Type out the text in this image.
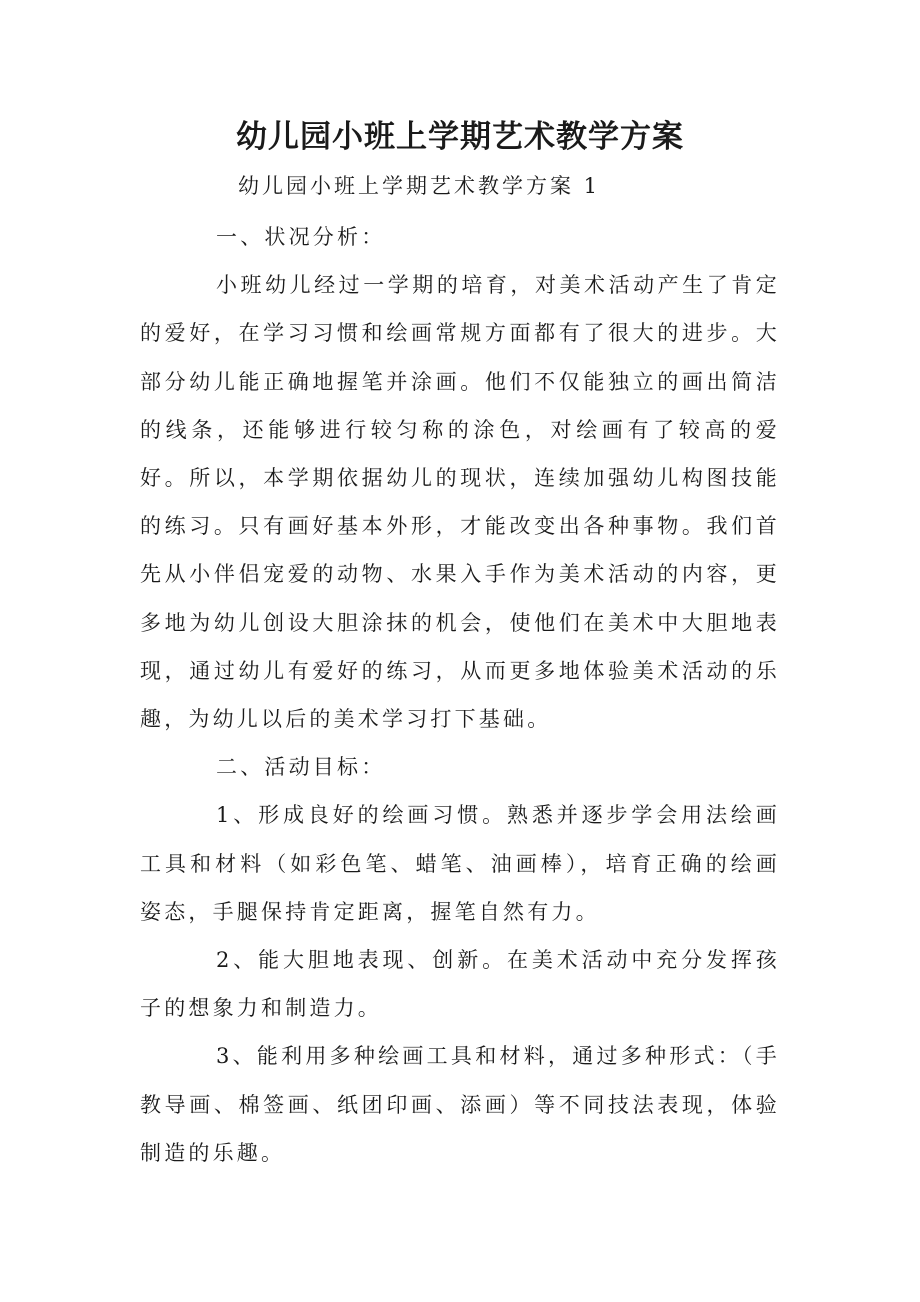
幼儿园小班上学期艺术教学方案

幼儿园小班上学期艺术教学方案 1

一、状况分析：

小班幼儿经过一学期的培育，对美术活动产生了肯定的爱好，在学习习惯和绘画常规方面都有了很大的进步。大部分幼儿能正确地握笔并涂画。他们不仅能独立的画出简洁的线条，还能够进行较匀称的涂色，对绘画有了较高的爱好。所以，本学期依据幼儿的现状，连续加强幼儿构图技能的练习。只有画好基本外形，才能改变出各种事物。我们首先从小伴侣宠爱的动物、水果入手作为美术活动的内容，更多地为幼儿创设大胆涂抹的机会，使他们在美术中大胆地表现，通过幼儿有爱好的练习，从而更多地体验美术活动的乐趣，为幼儿以后的美术学习打下基础。

二、活动目标：

1、形成良好的绘画习惯。熟悉并逐步学会用法绘画工具和材料（如彩色笔、蜡笔、油画棒），培育正确的绘画姿态，手腿保持肯定距离，握笔自然有力。

2、能大胆地表现、创新。在美术活动中充分发挥孩子的想象力和制造力。

3、能利用多种绘画工具和材料，通过多种形式：（手教导画、棉签画、纸团印画、添画）等不同技法表现，体验制造的乐趣。
